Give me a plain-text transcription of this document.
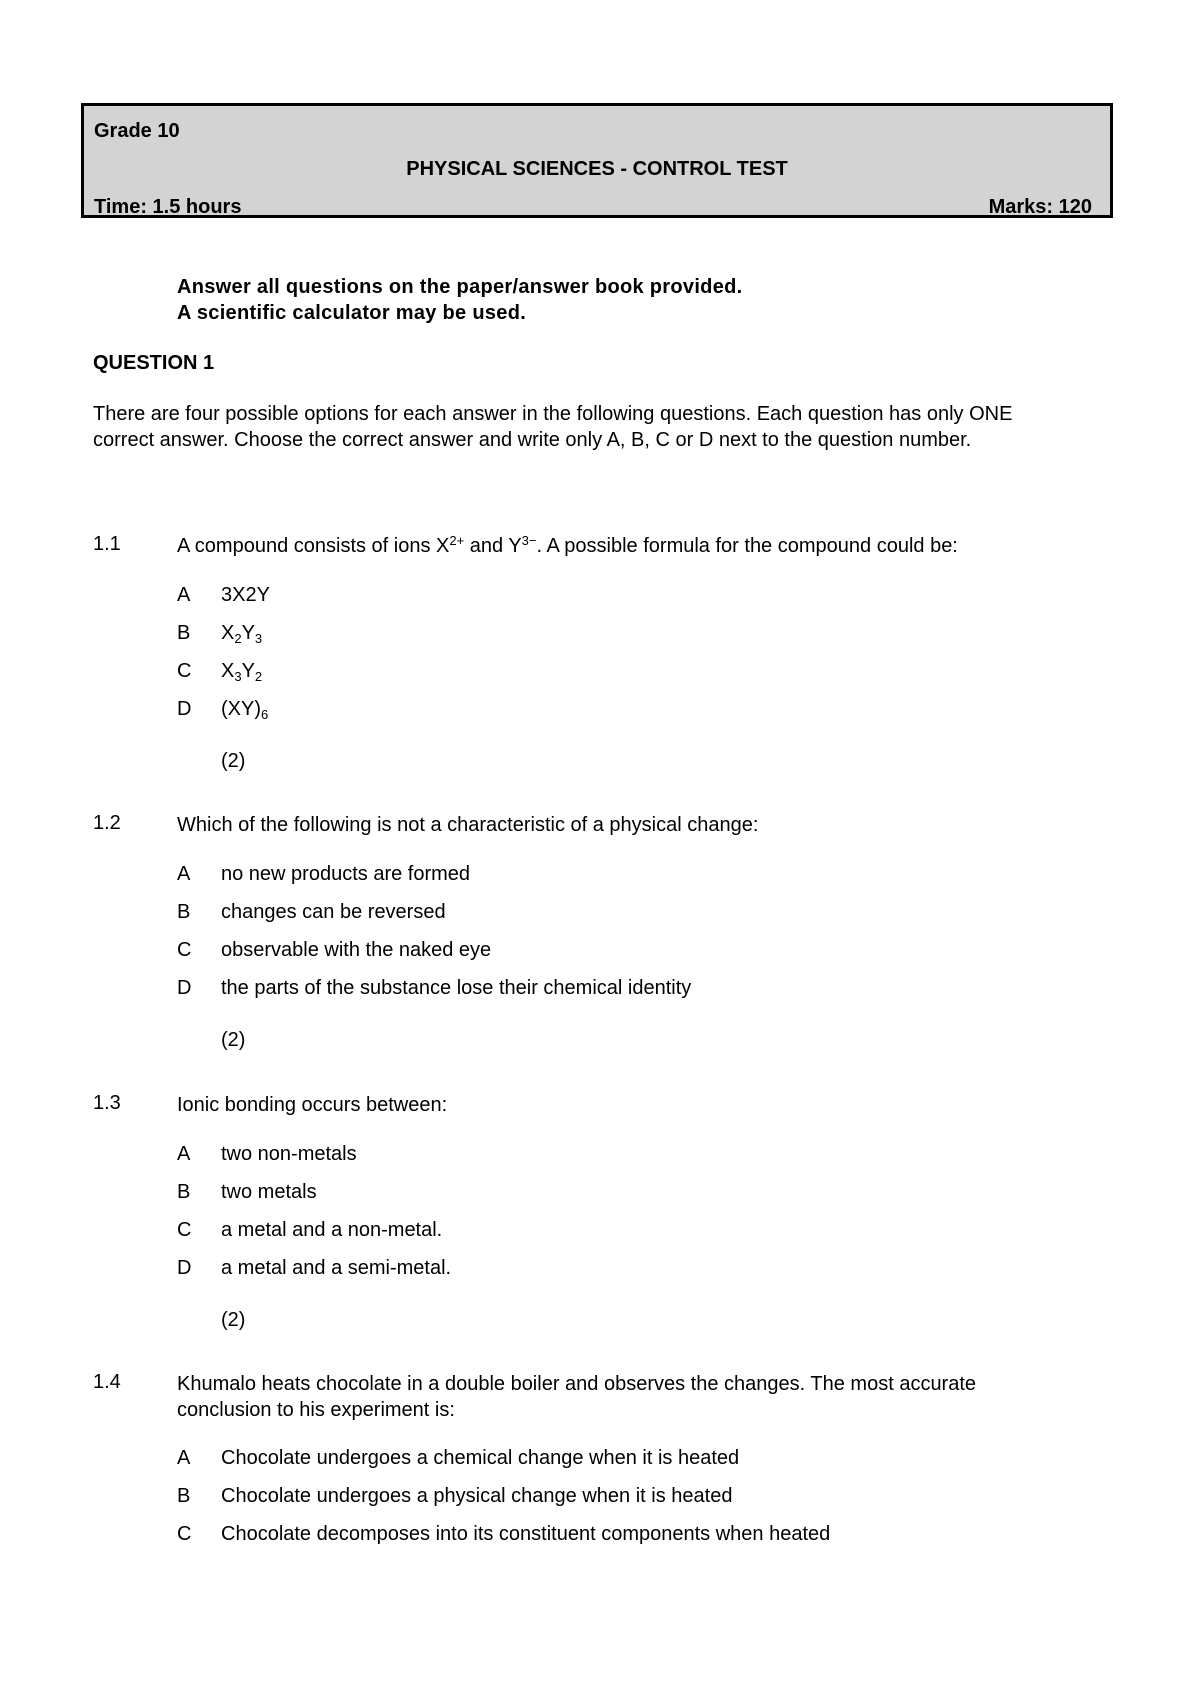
Grade 10
PHYSICAL SCIENCES - CONTROL TEST
Time: 1.5 hours	Marks: 120
Answer all questions on the paper/answer book provided.
A scientific calculator may be used.
QUESTION 1
There are four possible options for each answer in the following questions. Each question has only ONE correct answer. Choose the correct answer and write only A, B, C or D next to the question number.
1.1	A compound consists of ions $X^{2+}$ and $Y^{3-}$. A possible formula for the compound could be:
A 3X2Y
B $X_2Y_3$
C $X_3Y_2$
D $(XY)_6$
(2)
1.2	Which of the following is not a characteristic of a physical change:
A no new products are formed
B changes can be reversed
C observable with the naked eye
D the parts of the substance lose their chemical identity
(2)
1.3	Ionic bonding occurs between:
A two non-metals
B two metals
C a metal and a non-metal.
D a metal and a semi-metal.
(2)
1.4	Khumalo heats chocolate in a double boiler and observes the changes. The most accurate conclusion to his experiment is:
A Chocolate undergoes a chemical change when it is heated
B Chocolate undergoes a physical change when it is heated
C Chocolate decomposes into its constituent components when heated
